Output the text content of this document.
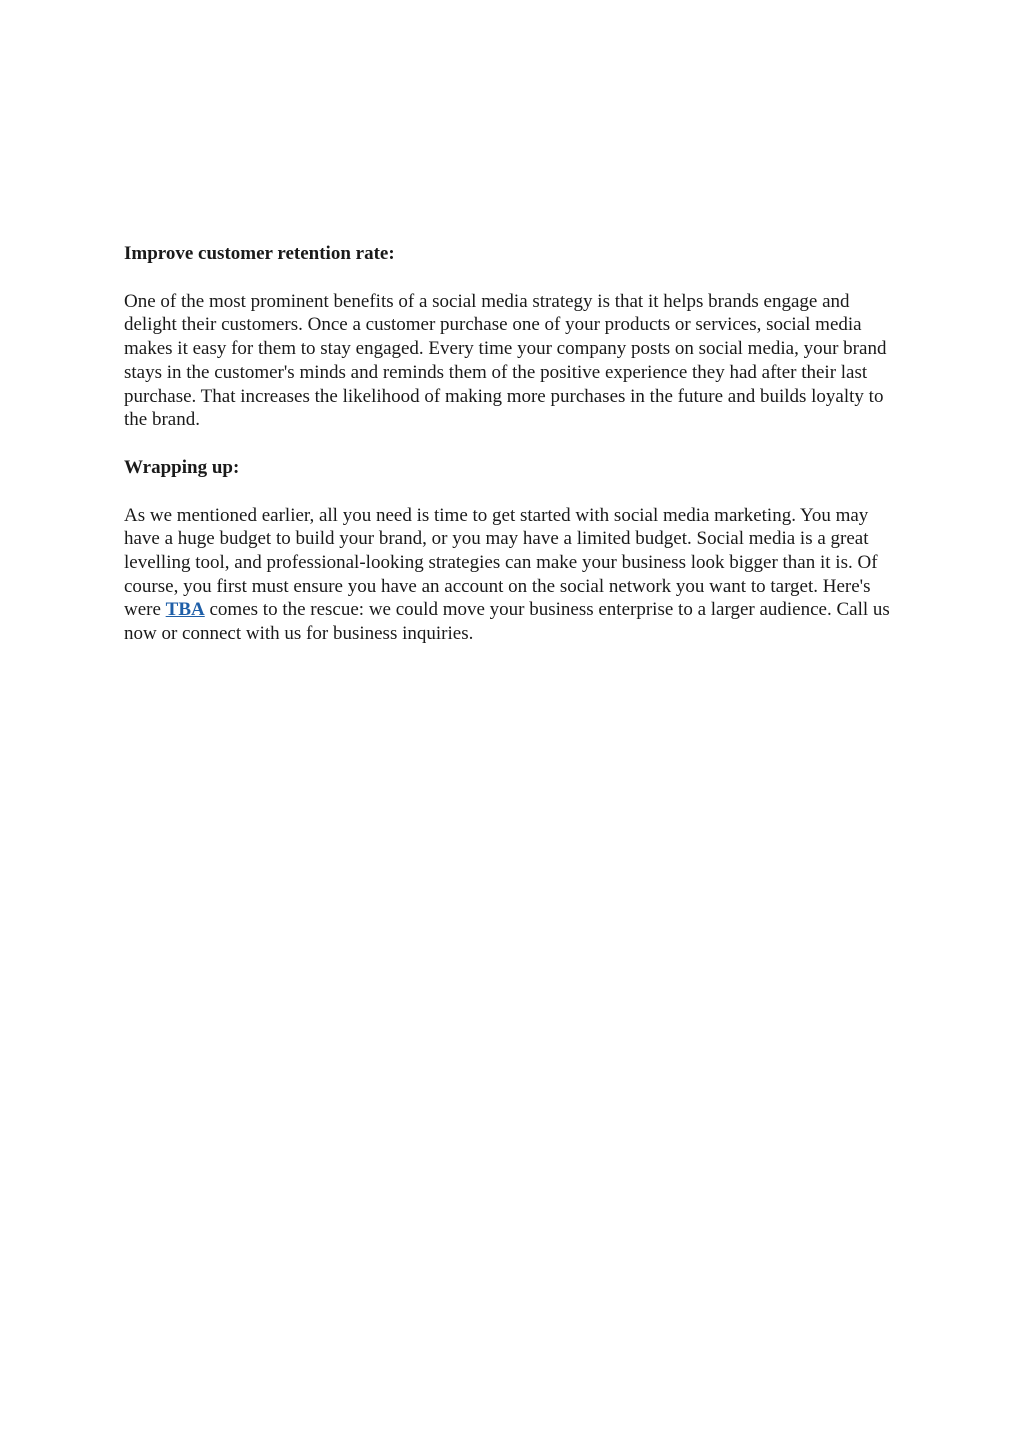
Improve customer retention rate:
One of the most prominent benefits of a social media strategy is that it helps brands engage and delight their customers. Once a customer purchase one of your products or services, social media makes it easy for them to stay engaged. Every time your company posts on social media, your brand stays in the customer's minds and reminds them of the positive experience they had after their last purchase. That increases the likelihood of making more purchases in the future and builds loyalty to the brand.
Wrapping up:
As we mentioned earlier, all you need is time to get started with social media marketing. You may have a huge budget to build your brand, or you may have a limited budget. Social media is a great levelling tool, and professional-looking strategies can make your business look bigger than it is. Of course, you first must ensure you have an account on the social network you want to target. Here's were TBA comes to the rescue: we could move your business enterprise to a larger audience. Call us now or connect with us for business inquiries.
